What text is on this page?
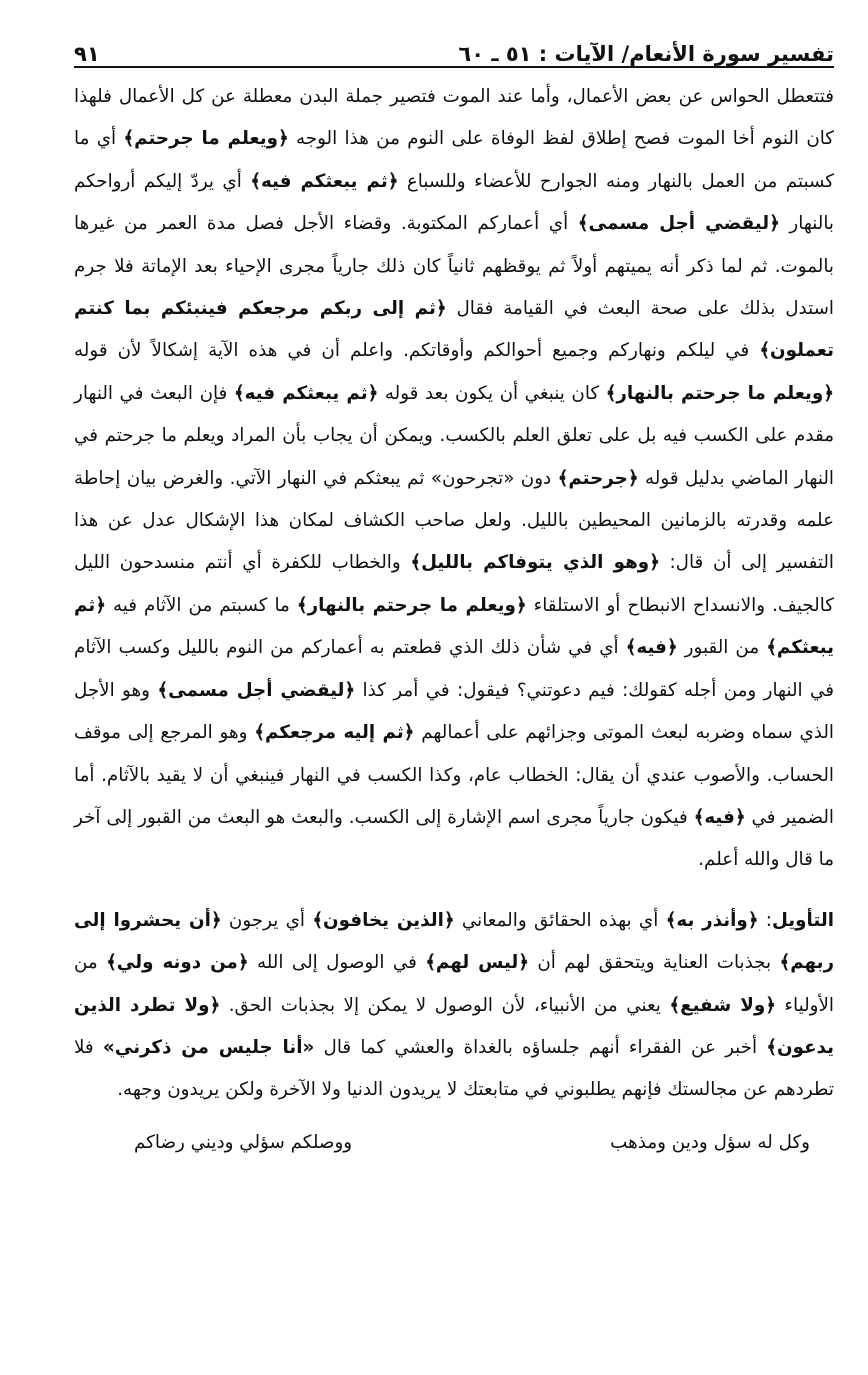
تفسير سورة الأنعام/ الآيات : ٥١ ـ ٦٠
٩١

فتتعطل الحواس عن بعض الأعمال، وأما عند الموت فتصير جملة البدن معطلة عن كل الأعمال فلهذا كان النوم أخا الموت فصح إطلاق لفظ الوفاة على النوم من هذا الوجه ﴿ويعلم ما جرحتم﴾ أي ما كسبتم من العمل بالنهار ومنه الجوارح للأعضاء وللسباع ﴿ثم يبعثكم فيه﴾ أي يردّ إليكم أرواحكم بالنهار ﴿ليقضي أجل مسمى﴾ أي أعماركم المكتوبة. وقضاء الأجل فصل مدة العمر من غيرها بالموت. ثم لما ذكر أنه يميتهم أولاً ثم يوقظهم ثانياً كان ذلك جارياً مجرى الإحياء بعد الإماتة فلا جرم استدل بذلك على صحة البعث في القيامة فقال ﴿ثم إلى ربكم مرجعكم فينبئكم بما كنتم تعملون﴾ في ليلكم ونهاركم وجميع أحوالكم وأوقاتكم. واعلم أن في هذه الآية إشكالاً لأن قوله ﴿ويعلم ما جرحتم بالنهار﴾ كان ينبغي أن يكون بعد قوله ﴿ثم يبعثكم فيه﴾ فإن البعث في النهار مقدم على الكسب فيه بل على تعلق العلم بالكسب. ويمكن أن يجاب بأن المراد ويعلم ما جرحتم في النهار الماضي بدليل قوله ﴿جرحتم﴾ دون «تجرحون» ثم يبعثكم في النهار الآتي. والغرض بيان إحاطة علمه وقدرته بالزمانين المحيطين بالليل. ولعل صاحب الكشاف لمكان هذا الإشكال عدل عن هذا التفسير إلى أن قال: ﴿وهو الذي يتوفاكم بالليل﴾ والخطاب للكفرة أي أنتم منسدحون الليل كالجيف. والانسداح الانبطاح أو الاستلقاء ﴿ويعلم ما جرحتم بالنهار﴾ ما كسبتم من الآثام فيه ﴿ثم يبعثكم﴾ من القبور ﴿فيه﴾ أي في شأن ذلك الذي قطعتم به أعماركم من النوم بالليل وكسب الآثام في النهار ومن أجله كقولك: فيم دعوتني؟ فيقول: في أمر كذا ﴿ليقضي أجل مسمى﴾ وهو الأجل الذي سماه وضربه لبعث الموتى وجزائهم على أعمالهم ﴿ثم إليه مرجعكم﴾ وهو المرجع إلى موقف الحساب. والأصوب عندي أن يقال: الخطاب عام، وكذا الكسب في النهار فينبغي أن لا يقيد بالآثام. أما الضمير في ﴿فيه﴾ فيكون جارياً مجرى اسم الإشارة إلى الكسب. والبعث هو البعث من القبور إلى آخر ما قال والله أعلم.

التأويل: ﴿وأنذر به﴾ أي بهذه الحقائق والمعاني ﴿الذين يخافون﴾ أي يرجون ﴿أن يحشروا إلى ربهم﴾ بجذبات العناية ويتحقق لهم أن ﴿ليس لهم﴾ في الوصول إلى الله ﴿من دونه ولي﴾ من الأولياء ﴿ولا شفيع﴾ يعني من الأنبياء، لأن الوصول لا يمكن إلا بجذبات الحق. ﴿ولا تطرد الذين يدعون﴾ أخبر عن الفقراء أنهم جلساؤه بالغداة والعشي كما قال «أنا جليس من ذكرني» فلا تطردهم عن مجالستك فإنهم يطلبوني في متابعتك لا يريدون الدنيا ولا الآخرة ولكن يريدون وجهه.

وكل له سؤل ودين ومذهب
ووصلكم سؤلي وديني رضاكم
